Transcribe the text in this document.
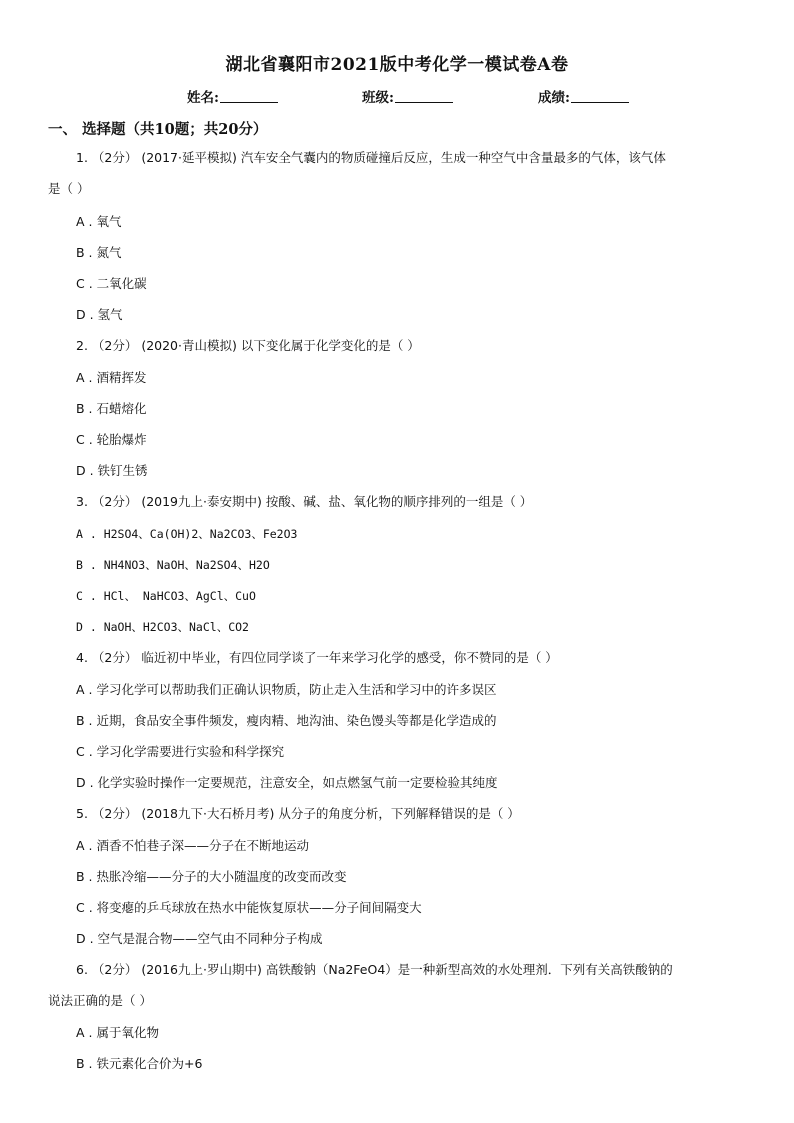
湖北省襄阳市2021版中考化学一模试卷A卷
姓名:	班级:	成绩:
一、 选择题（共10题；共20分）
1. （2分） (2017·延平模拟) 汽车安全气囊内的物质碰撞后反应，生成一种空气中含量最多的气体，该气体
是（ ）
A . 氧气
B . 氮气
C . 二氧化碳
D . 氢气
2. （2分） (2020·青山模拟) 以下变化属于化学变化的是（ ）
A . 酒精挥发
B . 石蜡熔化
C . 轮胎爆炸
D . 铁钉生锈
3. （2分） (2019九上·泰安期中) 按酸、碱、盐、氧化物的顺序排列的一组是（ ）
A . H2SO4、Ca(OH)2、Na2CO3、Fe2O3
B . NH4NO3、NaOH、Na2SO4、H2O
C . HCl、 NaHCO3、AgCl、CuO
D . NaOH、H2CO3、NaCl、CO2
4. （2分） 临近初中毕业，有四位同学谈了一年来学习化学的感受，你不赞同的是（ ）
A . 学习化学可以帮助我们正确认识物质，防止走入生活和学习中的许多误区
B . 近期，食品安全事件频发，瘦肉精、地沟油、染色馒头等都是化学造成的
C . 学习化学需要进行实验和科学探究
D . 化学实验时操作一定要规范，注意安全，如点燃氢气前一定要检验其纯度
5. （2分） (2018九下·大石桥月考) 从分子的角度分析，下列解释错误的是（ ）
A . 酒香不怕巷子深——分子在不断地运动
B . 热胀冷缩——分子的大小随温度的改变而改变
C . 将变瘪的乒乓球放在热水中能恢复原状——分子间间隔变大
D . 空气是混合物——空气由不同种分子构成
6. （2分） (2016九上·罗山期中) 高铁酸钠（Na2FeO4）是一种新型高效的水处理剂．下列有关高铁酸钠的
说法正确的是（ ）
A . 属于氧化物
B . 铁元素化合价为+6
